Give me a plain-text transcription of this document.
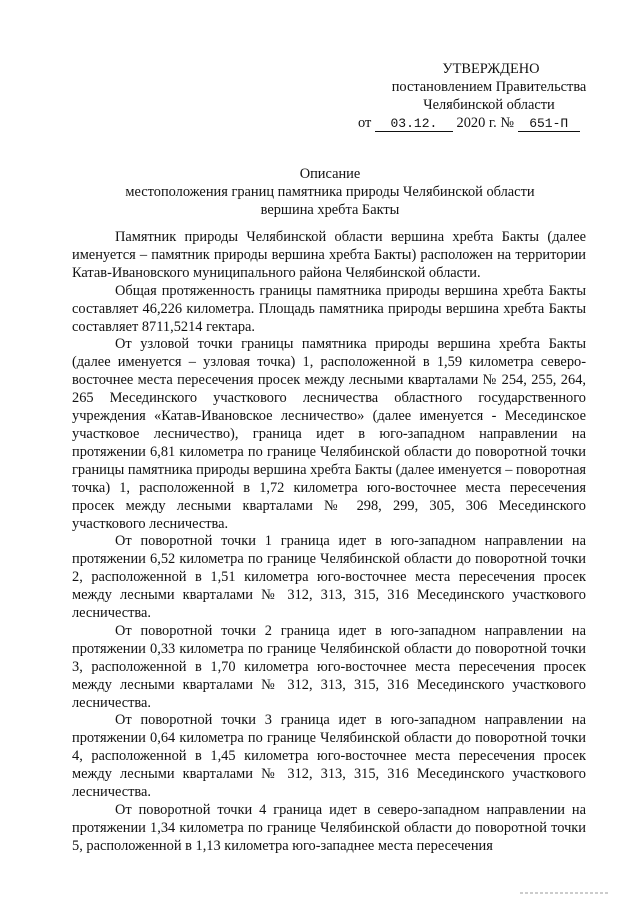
УТВЕРЖДЕНО
постановлением Правительства
Челябинской области
от 03.12. 2020 г. № 651-П
Описание
местоположения границ памятника природы Челябинской области
вершина хребта Бакты

Памятник природы Челябинской области вершина хребта Бакты (далее именуется – памятник природы вершина хребта Бакты) расположен на территории Катав-Ивановского муниципального района Челябинской области.

Общая протяженность границы памятника природы вершина хребта Бакты составляет 46,226 километра. Площадь памятника природы вершина хребта Бакты составляет 8711,5214 гектара.

От узловой точки границы памятника природы вершина хребта Бакты (далее именуется – узловая точка) 1, расположенной в 1,59 километра северо-восточнее места пересечения просек между лесными кварталами № 254, 255, 264, 265 Месединского участкового лесничества областного государственного учреждения «Катав-Ивановское лесничество» (далее именуется - Месединское участковое лесничество), граница идет в юго-западном направлении на протяжении 6,81 километра по границе Челябинской области до поворотной точки границы памятника природы вершина хребта Бакты (далее именуется – поворотная точка) 1, расположенной в 1,72 километра юго-восточнее места пересечения просек между лесными кварталами № 298, 299, 305, 306 Месединского участкового лесничества.

От поворотной точки 1 граница идет в юго-западном направлении на протяжении 6,52 километра по границе Челябинской области до поворотной точки 2, расположенной в 1,51 километра юго-восточнее места пересечения просек между лесными кварталами № 312, 313, 315, 316 Месединского участкового лесничества.

От поворотной точки 2 граница идет в юго-западном направлении на протяжении 0,33 километра по границе Челябинской области до поворотной точки 3, расположенной в 1,70 километра юго-восточнее места пересечения просек между лесными кварталами № 312, 313, 315, 316 Месединского участкового лесничества.

От поворотной точки 3 граница идет в юго-западном направлении на протяжении 0,64 километра по границе Челябинской области до поворотной точки 4, расположенной в 1,45 километра юго-восточнее места пересечения просек между лесными кварталами № 312, 313, 315, 316 Месединского участкового лесничества.

От поворотной точки 4 граница идет в северо-западном направлении на протяжении 1,34 километра по границе Челябинской области до поворотной точки 5, расположенной в 1,13 километра юго-западнее места пересечения
